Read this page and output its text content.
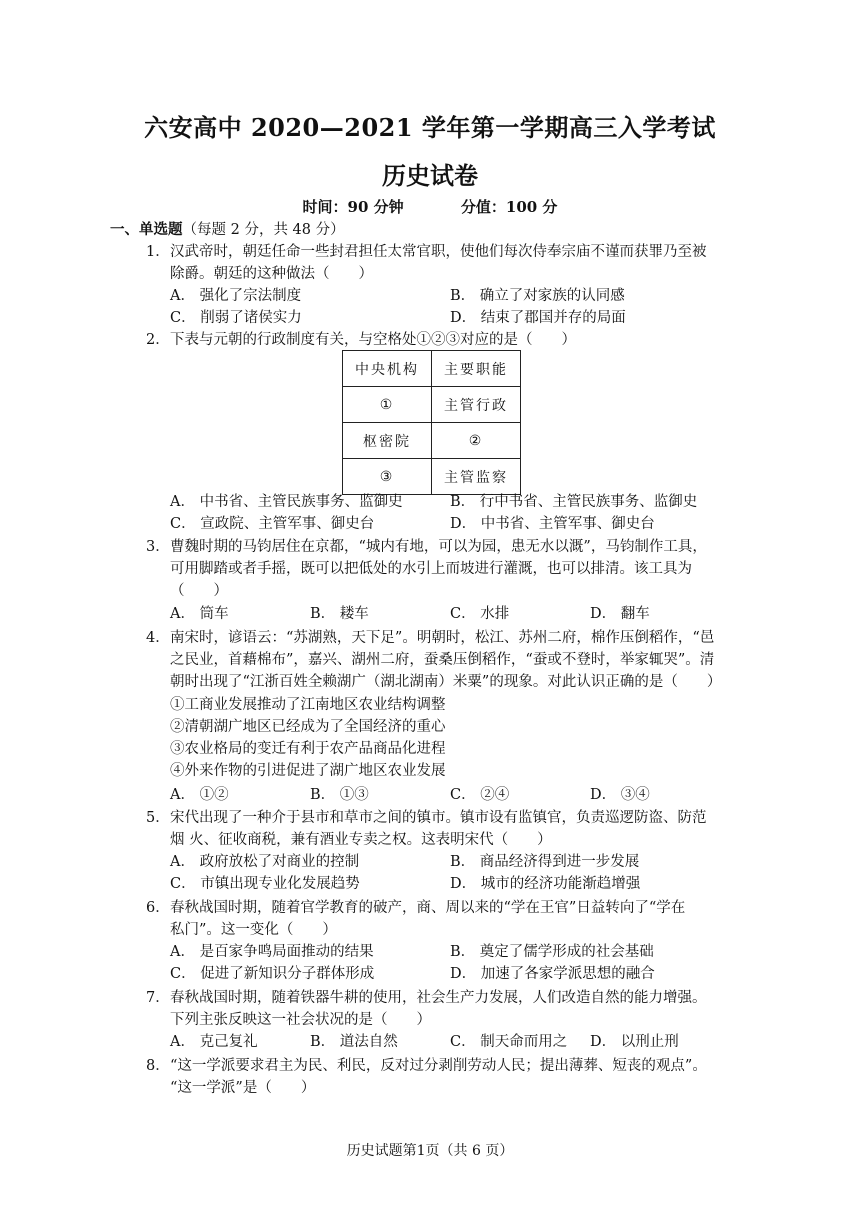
六安高中 2020—2021 学年第一学期高三入学考试
历史试卷
时间：90 分钟	分值：100 分
一、单选题（每题 2 分，共 48 分）
1．汉武帝时，朝廷任命一些封君担任太常官职，使他们每次侍奉宗庙不谨而获罪乃至被
除爵。朝廷的这种做法（　　）
A． 强化了宗法制度	B． 确立了对家族的认同感
C． 削弱了诸侯实力	D． 结束了郡国并存的局面
2．下表与元朝的行政制度有关，与空格处①②③对应的是（　　）
中央机构	主要职能
①	主管行政
枢密院	②
③	主管监察
A． 中书省、主管民族事务、监御史	B． 行中书省、主管民族事务、监御史
C． 宣政院、主管军事、御史台	D． 中书省、主管军事、御史台
3．曹魏时期的马钧居住在京都，“城内有地，可以为园，患无水以溉”，马钧制作工具，
可用脚踏或者手摇，既可以把低处的水引上而坡进行灌溉，也可以排清。该工具为
（　　）
A． 筒车	B． 耧车	C． 水排	D． 翻车
4．南宋时，谚语云：“苏湖熟，天下足”。明朝时，松江、苏州二府，棉作压倒稻作，“邑
之民业，首藉棉布”，嘉兴、湖州二府，蚕桑压倒稻作，“蚕或不登时，举家辄哭”。清
朝时出现了“江浙百姓全赖湖广（湖北湖南）米粟”的现象。对此认识正确的是（　　）
①工商业发展推动了江南地区农业结构调整
②清朝湖广地区已经成为了全国经济的重心
③农业格局的变迁有利于农产品商品化进程
④外来作物的引进促进了湖广地区农业发展
A． ①②	B． ①③	C． ②④	D． ③④
5．宋代出现了一种介于县市和草市之间的镇市。镇市设有监镇官，负责巡逻防盗、防范
烟 火、征收商税，兼有酒业专卖之权。这表明宋代（　　）
A． 政府放松了对商业的控制	B． 商品经济得到进一步发展
C． 市镇出现专业化发展趋势	D． 城市的经济功能渐趋增强
6．春秋战国时期，随着官学教育的破产，商、周以来的“学在王官”日益转向了“学在
私门”。这一变化（　　）
A． 是百家争鸣局面推动的结果	B． 奠定了儒学形成的社会基础
C． 促进了新知识分子群体形成	D． 加速了各家学派思想的融合
7．春秋战国时期，随着铁器牛耕的使用，社会生产力发展，人们改造自然的能力增强。
下列主张反映这一社会状况的是（　　）
A． 克己复礼	B． 道法自然	C． 制天命而用之 D． 以刑止刑
8．“这一学派要求君主为民、利民，反对过分剥削劳动人民；提出薄葬、短丧的观点”。
“这一学派”是（　　）
历史试题第1页（共 6 页）
